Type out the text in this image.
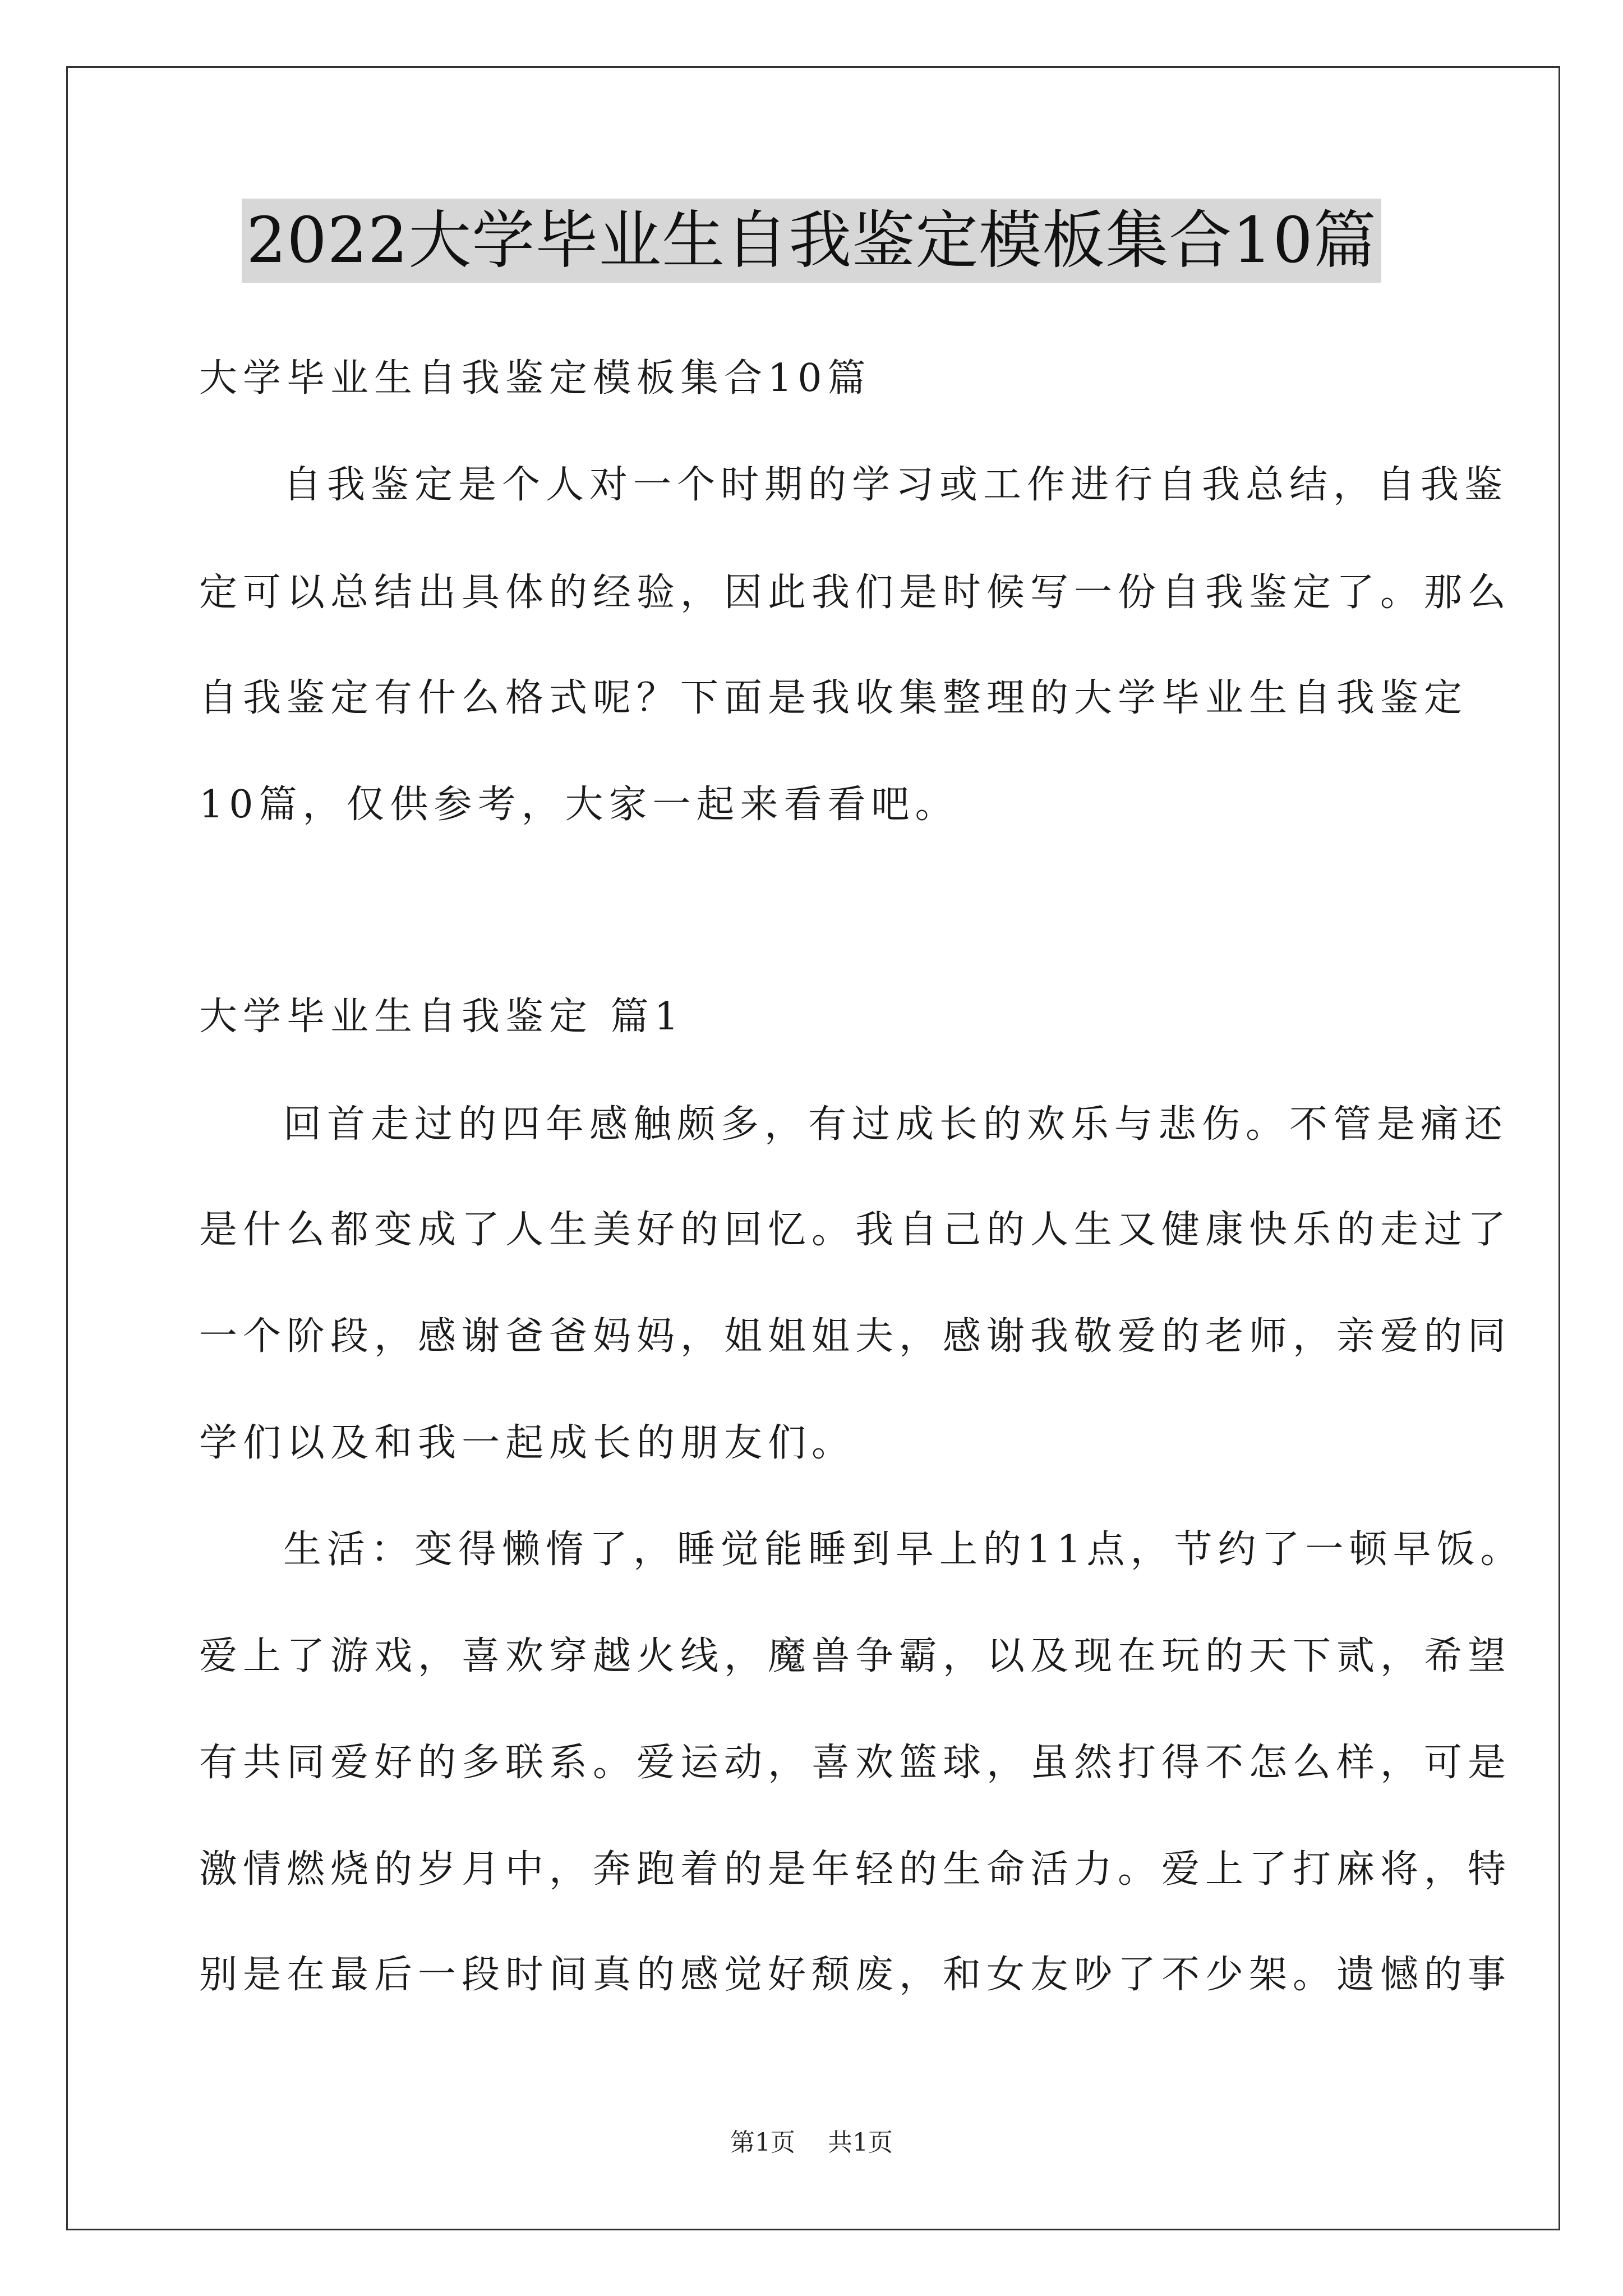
2022大学毕业生自我鉴定模板集合10篇
大学毕业生自我鉴定模板集合10篇
自我鉴定是个人对一个时期的学习或工作进行自我总结，自我鉴
定可以总结出具体的经验，因此我们是时候写一份自我鉴定了。那么
自我鉴定有什么格式呢？下面是我收集整理的大学毕业生自我鉴定
10篇，仅供参考，大家一起来看看吧。
大学毕业生自我鉴定 篇1
回首走过的四年感触颇多，有过成长的欢乐与悲伤。不管是痛还
是什么都变成了人生美好的回忆。我自己的人生又健康快乐的走过了
一个阶段，感谢爸爸妈妈，姐姐姐夫，感谢我敬爱的老师，亲爱的同
学们以及和我一起成长的朋友们。
生活：变得懒惰了，睡觉能睡到早上的11点，节约了一顿早饭。
爱上了游戏，喜欢穿越火线，魔兽争霸，以及现在玩的天下贰，希望
有共同爱好的多联系。爱运动，喜欢篮球，虽然打得不怎么样，可是
激情燃烧的岁月中，奔跑着的是年轻的生命活力。爱上了打麻将，特
别是在最后一段时间真的感觉好颓废，和女友吵了不少架。遗憾的事
第1页 共1页
